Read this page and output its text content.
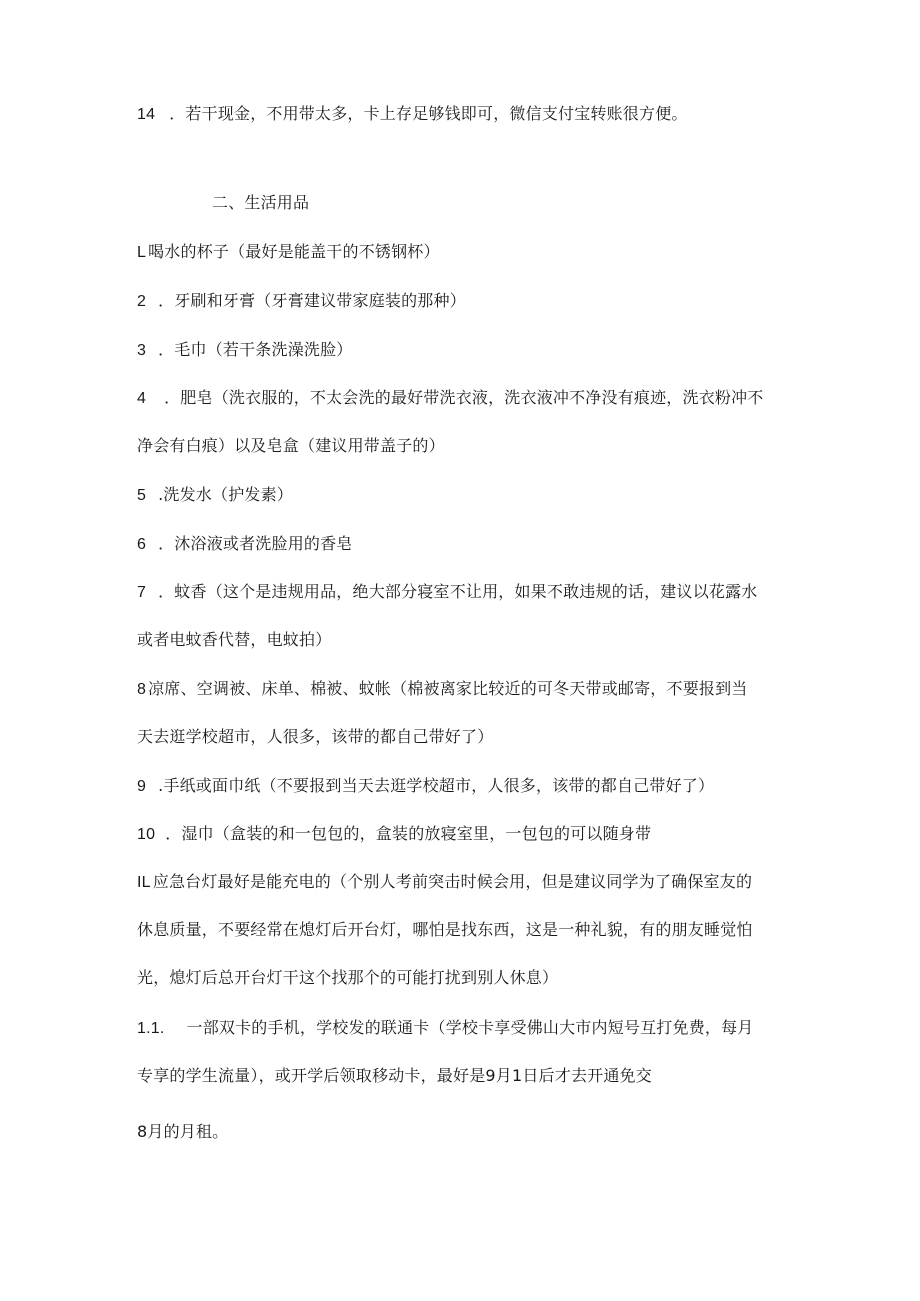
14 ．若干现金，不用带太多，卡上存足够钱即可，微信支付宝转账很方便。
二、生活用品
L 喝水的杯子（最好是能盖干的不锈钢杯）
2 ．牙刷和牙膏（牙膏建议带家庭装的那种）
3 ．毛巾（若干条洗澡洗脸）
4 ．肥皂（洗衣服的，不太会洗的最好带洗衣液，洗衣液冲不净没有痕迹，洗衣粉冲不
净会有白痕）以及皂盒（建议用带盖子的）
5 .洗发水（护发素）
6 ．沐浴液或者洗脸用的香皂
7 ．蚊香（这个是违规用品，绝大部分寝室不让用，如果不敢违规的话，建议以花露水
或者电蚊香代替，电蚊拍）
8 凉席、空调被、床单、棉被、蚊帐（棉被离家比较近的可冬天带或邮寄，不要报到当
天去逛学校超市，人很多，该带的都自己带好了）
9 .手纸或面巾纸（不要报到当天去逛学校超市，人很多，该带的都自己带好了）
10 ．湿巾（盒装的和一包包的，盒装的放寝室里，一包包的可以随身带
IL 应急台灯最好是能充电的（个别人考前突击时候会用，但是建议同学为了确保室友的
休息质量，不要经常在熄灯后开台灯，哪怕是找东西，这是一种礼貌，有的朋友睡觉怕
光，熄灯后总开台灯干这个找那个的可能打扰到别人休息）
1.1. 一部双卡的手机，学校发的联通卡（学校卡享受佛山大市内短号互打免费，每月
专享的学生流量），或开学后领取移动卡，最好是9月1日后才去开通免交
8月的月租。
